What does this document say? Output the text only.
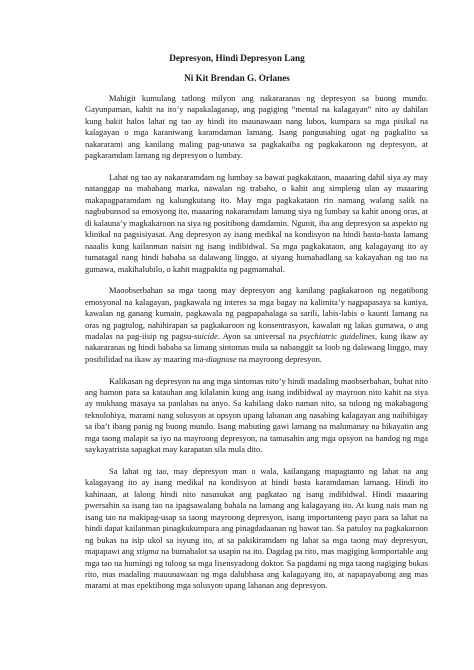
Depresyon, Hindi Depresyon Lang

Ni Kit Brendan G. Orlanes

Mahigit kumulang tatlong milyon ang nakararanas ng depresyon sa buong mundo. Gayunpaman, kahit na ito’y napakalaganap, ang pagiging “mental na kalagayan” nito ay dahilan kung bakit halos lahat ng tao ay hindi ito maunawaan nang lubos, kumpara sa mga pisikal na kalagayan o mga karaniwang karamdaman lamang. Isang pangunahing ugat ng pagkalito sa nakararami ang kanilang maling pag-unawa sa pagkakaiba ng pagkakaroon ng depresyon, at pagkaramdam lamang ng depresyon o lumbay.

Lahat ng tao ay nakararamdam ng lumbay sa bawat pagkakataon, maaaring dahil siya ay may natanggap na mababang marka, nawalan ng trabaho, o kahit ang simpleng ulan ay maaaring makapagparamdam ng kalungkutang ito. May mga pagkakataon rin namang walang salik na nagbubunsod sa emosyong ito, maaaring nakaramdam lamang siya ng lumbay sa kahit anong oras, at di kalauna’y magkakaroon na siya ng positibong damdamin. Ngunit, iba ang depresyon sa aspekto ng klinikal na pagsisiyasat. Ang depresyon ay isang medikal na kondisyon na hindi basta-basta lamang naaalis kung kailanman naisin ng isang indibidwal. Sa mga pagkakataon, ang kalagayang ito ay tumatagal nang hindi bababa sa dalawang linggo, at siyang humahadlang sa kakayahan ng tao na gumawa, makihalubilo, o kahit magpakita ng pagmamahal.

Maoobserbahan sa mga taong may depresyon ang kanilang pagkakaroon ng negatibong emosyonal na kalagayan, pagkawala ng interes sa mga bagay na kalimita’y nagpapasaya sa kaniya, kawalan ng ganang kumain, pagkawala ng pagpapahalaga sa sarili, labis-labis o kaunti lamang na oras ng pagtulog, nahihirapan sa pagkakaroon ng konsentrasyon, kawalan ng lakas gumawa, o ang madalas na pag-iisip ng pagsu-suicide. Ayon sa universal na psychiatric guidelines, kung ikaw ay nakararanas ng hindi bababa sa limang sintomas mula sa nabanggit sa loob ng dalawang linggo, may posibilidad na ikaw ay maaring ma-diagnose na mayroong depresyon.

Kalikasan ng depresyon na ang mga sintomas nito’y hindi madaling maobserbahan, buhat nito ang hamon para sa katauhan ang kilalanin kung ang isang indibidwal ay mayroon nito kahit na siya ay mukhang masaya sa panlabas na anyo. Sa kabilang dako naman nito, sa tulong ng makabagong teknolohiya, marami nang solusyon at opsyon upang labanan ang nasabing kalagayan ang naibibigay sa iba’t ibang panig ng buong mundo. Isang mabuting gawi lamang na malumanay na hikayatin ang mga taong malapit sa iyo na mayroong depresyon, na tamasahin ang mga opsyon na handog ng mga saykayatrista sapagkat may karapatan sila mula dito.

Sa lahat ng tao, may depresyon man o wala, kailangang mapagtanto ng lahat na ang kalagayang ito ay isang medikal na kondisyon at hindi basta karamdaman lamang. Hindi ito kahinaan, at lalong hindi nito nasusukat ang pagkatao ng isang indibidwal. Hindi maaaring pwersahin sa isang tao na ipagsawalang bahala na lamang ang kalagayang ito. At kung nais man ng isang tao na makipag-usap sa taong mayroong depresyon, isang importanteng payo para sa lahat na hindi dapat kailanman pinagkukumpara ang pinagdadaanan ng bawat tao. Sa patuloy na pagkakaroon ng bukas na isip ukol sa isyung ito, at sa pakikiramdam ng lahat sa mga taong may depresyon, mapapawi ang stigma na bumabalot sa usapin na ito. Dagdag pa rito, mas magiging komportable ang mga tao na humingi ng tulong sa mga lisensyadong doktor. Sa pagdami ng mga taong nagiging bukas rito, mas madaling mauunawaan ng mga dalubhasa ang kalagayang ito, at napapayabong ang mas marami at mas epektibong mga solusyon upang labanan ang depresyon.
